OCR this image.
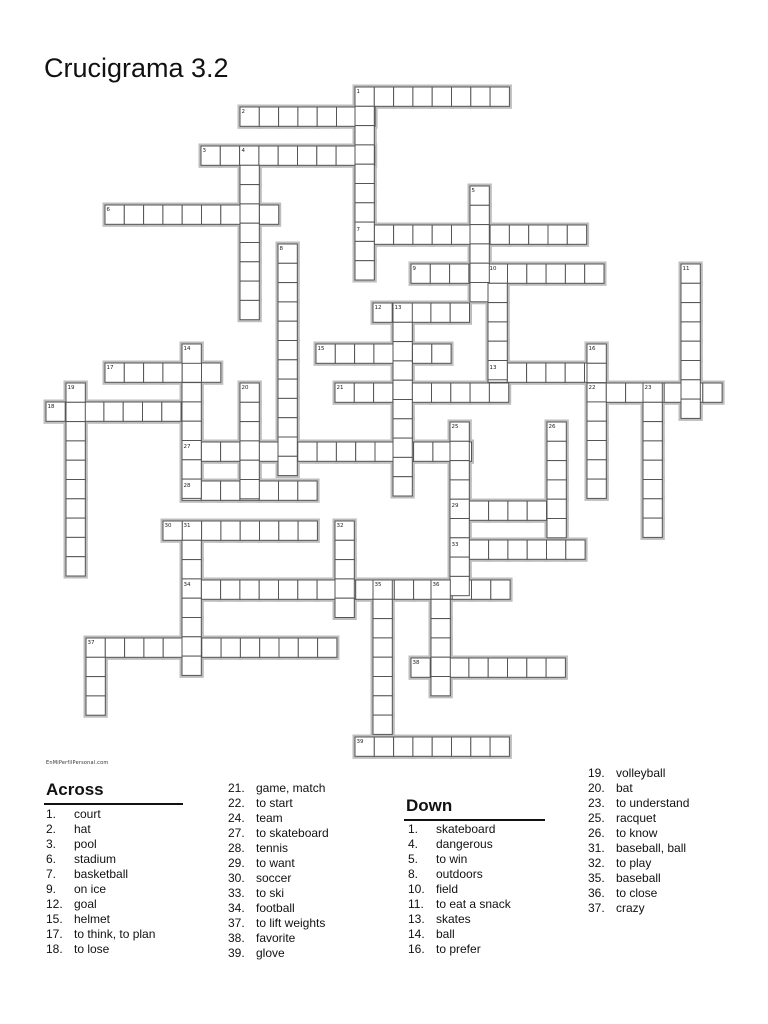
Crucigrama 3.2
1
2
3
6
7
9
12
15
17
18
21	22
13
27
28
29
30
33
34
37
38
39
4
5
8
10	11
13
14	16
19	20	23
25	26
31	32
35	36
EnMiPerfilPersonal.com
Across
Down
1. court
2. hat
3. pool
6. stadium
7. basketball
9. on ice
12. goal
15. helmet
17. to think, to plan
18. to lose
21. game, match
22. to start
24. team
27. to skateboard
28. tennis
29. to want
30. soccer
33. to ski
34. football
37. to lift weights
38. favorite
39. glove
1. skateboard
4. dangerous
5. to win
8. outdoors
10. field
11. to eat a snack
13. skates
14. ball
16. to prefer
19. volleyball
20. bat
23. to understand
25. racquet
26. to know
31. baseball, ball
32. to play
35. baseball
36. to close
37. crazy
